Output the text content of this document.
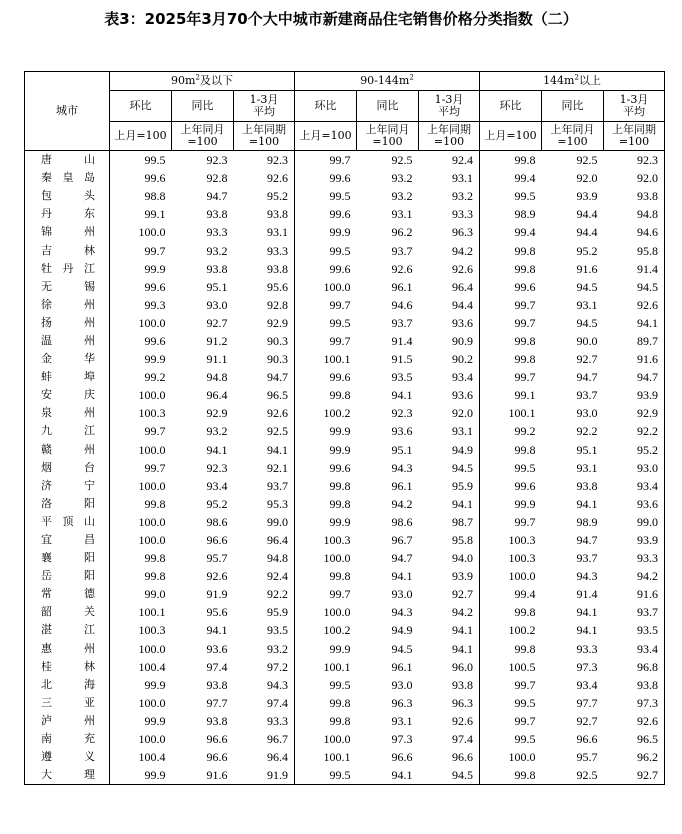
表3：2025年3月70个大中城市新建商品住宅销售价格分类指数（二）
城市	$90m^2$及以下			$90-144m^2$			$144m^2$以上		
	环比	同比	1-3月平均	环比	同比	1-3月平均	环比	同比	1-3月平均
	上月=100	上年同月=100	上年同期=100	上月=100	上年同月=100	上年同期=100	上月=100	上年同月=100	上年同期=100
唐山	99.5	92.3	92.3	99.7	92.5	92.4	99.8	92.5	92.3
秦皇岛	99.6	92.8	92.6	99.6	93.2	93.1	99.4	92.0	92.0
包头	98.8	94.7	95.2	99.5	93.2	93.2	99.5	93.9	93.8
丹东	99.1	93.8	93.8	99.6	93.1	93.3	98.9	94.4	94.8
锦州	100.0	93.3	93.1	99.9	96.2	96.3	99.4	94.4	94.6
吉林	99.7	93.2	93.3	99.5	93.7	94.2	99.8	95.2	95.8
牡丹江	99.9	93.8	93.8	99.6	92.6	92.6	99.8	91.6	91.4
无锡	99.6	95.1	95.6	100.0	96.1	96.4	99.6	94.5	94.5
徐州	99.3	93.0	92.8	99.7	94.6	94.4	99.7	93.1	92.6
扬州	100.0	92.7	92.9	99.5	93.7	93.6	99.7	94.5	94.1
温州	99.6	91.2	90.3	99.7	91.4	90.9	99.8	90.0	89.7
金华	99.9	91.1	90.3	100.1	91.5	90.2	99.8	92.7	91.6
蚌埠	99.2	94.8	94.7	99.6	93.5	93.4	99.7	94.7	94.7
安庆	100.0	96.4	96.5	99.8	94.1	93.6	99.1	93.7	93.9
泉州	100.3	92.9	92.6	100.2	92.3	92.0	100.1	93.0	92.9
九江	99.7	93.2	92.5	99.9	93.6	93.1	99.2	92.2	92.2
赣州	100.0	94.1	94.1	99.9	95.1	94.9	99.8	95.1	95.2
烟台	99.7	92.3	92.1	99.6	94.3	94.5	99.5	93.1	93.0
济宁	100.0	93.4	93.7	99.8	96.1	95.9	99.6	93.8	93.4
洛阳	99.8	95.2	95.3	99.8	94.2	94.1	99.9	94.1	93.6
平顶山	100.0	98.6	99.0	99.9	98.6	98.7	99.7	98.9	99.0
宜昌	100.0	96.6	96.4	100.3	96.7	95.8	100.3	94.7	93.9
襄阳	99.8	95.7	94.8	100.0	94.7	94.0	100.3	93.7	93.3
岳阳	99.8	92.6	92.4	99.8	94.1	93.9	100.0	94.3	94.2
常德	99.0	91.9	92.2	99.7	93.0	92.7	99.4	91.4	91.6
韶关	100.1	95.6	95.9	100.0	94.3	94.2	99.8	94.1	93.7
湛江	100.3	94.1	93.5	100.2	94.9	94.1	100.2	94.1	93.5
惠州	100.0	93.6	93.2	99.9	94.5	94.1	99.8	93.3	93.4
桂林	100.4	97.4	97.2	100.1	96.1	96.0	100.5	97.3	96.8
北海	99.9	93.8	94.3	99.5	93.0	93.8	99.7	93.4	93.8
三亚	100.0	97.7	97.4	99.8	96.3	96.3	99.5	97.7	97.3
泸州	99.9	93.8	93.3	99.8	93.1	92.6	99.7	92.7	92.6
南充	100.0	96.6	96.7	100.0	97.3	97.4	99.5	96.6	96.5
遵义	100.4	96.6	96.4	100.1	96.6	96.6	100.0	95.7	96.2
大理	99.9	91.6	91.9	99.5	94.1	94.5	99.8	92.5	92.7
